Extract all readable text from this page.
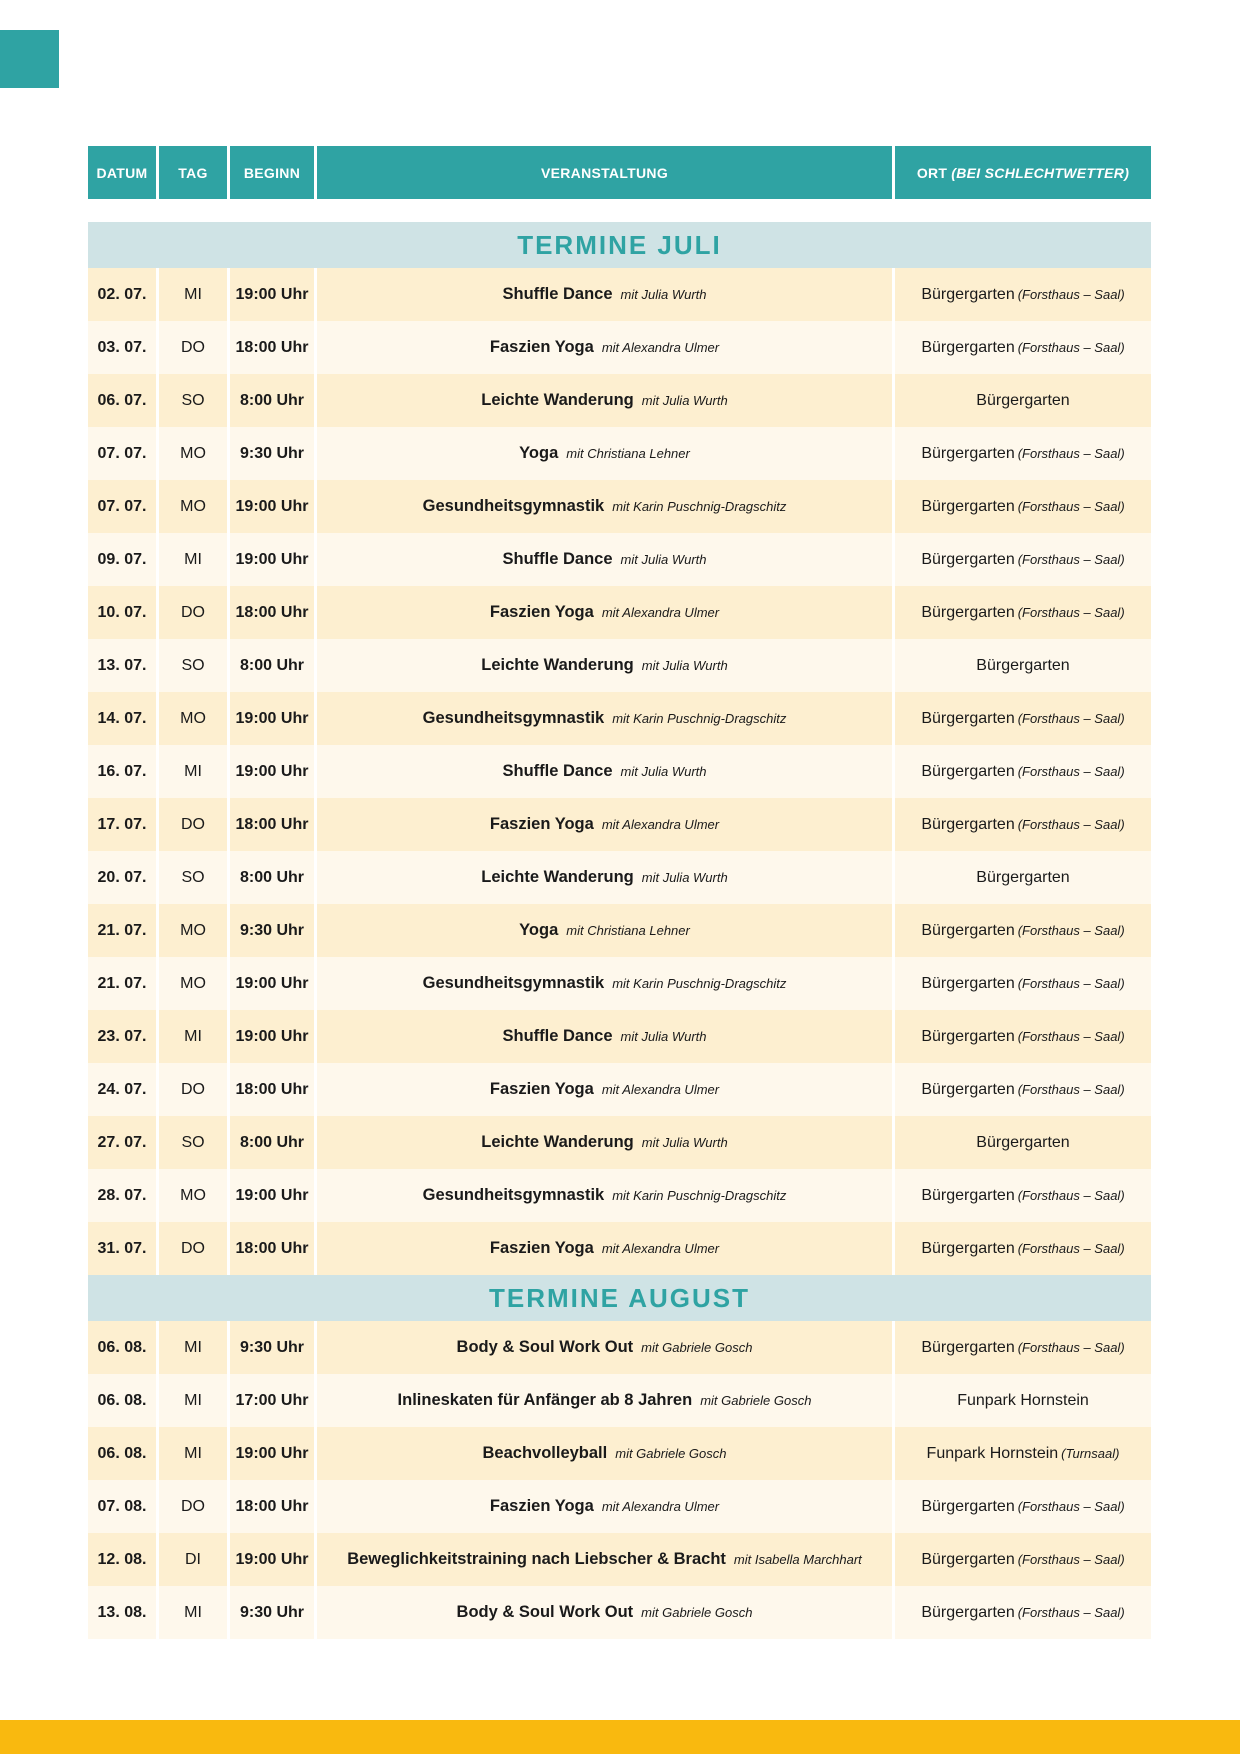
DATUM	TAG	BEGINN	VERANSTALTUNG	ORT (BEI SCHLECHTWETTER)
TERMINE JULI
02. 07.	MI	19:00 Uhr	Shuffle Dance mit Julia Wurth	Bürgergarten (Forsthaus – Saal)
03. 07.	DO	18:00 Uhr	Faszien Yoga mit Alexandra Ulmer	Bürgergarten (Forsthaus – Saal)
06. 07.	SO	8:00 Uhr	Leichte Wanderung mit Julia Wurth	Bürgergarten
07. 07.	MO	9:30 Uhr	Yoga mit Christiana Lehner	Bürgergarten (Forsthaus – Saal)
07. 07.	MO	19:00 Uhr	Gesundheitsgymnastik mit Karin Puschnig-Dragschitz	Bürgergarten (Forsthaus – Saal)
09. 07.	MI	19:00 Uhr	Shuffle Dance mit Julia Wurth	Bürgergarten (Forsthaus – Saal)
10. 07.	DO	18:00 Uhr	Faszien Yoga mit Alexandra Ulmer	Bürgergarten (Forsthaus – Saal)
13. 07.	SO	8:00 Uhr	Leichte Wanderung mit Julia Wurth	Bürgergarten
14. 07.	MO	19:00 Uhr	Gesundheitsgymnastik mit Karin Puschnig-Dragschitz	Bürgergarten (Forsthaus – Saal)
16. 07.	MI	19:00 Uhr	Shuffle Dance mit Julia Wurth	Bürgergarten (Forsthaus – Saal)
17. 07.	DO	18:00 Uhr	Faszien Yoga mit Alexandra Ulmer	Bürgergarten (Forsthaus – Saal)
20. 07.	SO	8:00 Uhr	Leichte Wanderung mit Julia Wurth	Bürgergarten
21. 07.	MO	9:30 Uhr	Yoga mit Christiana Lehner	Bürgergarten (Forsthaus – Saal)
21. 07.	MO	19:00 Uhr	Gesundheitsgymnastik mit Karin Puschnig-Dragschitz	Bürgergarten (Forsthaus – Saal)
23. 07.	MI	19:00 Uhr	Shuffle Dance mit Julia Wurth	Bürgergarten (Forsthaus – Saal)
24. 07.	DO	18:00 Uhr	Faszien Yoga mit Alexandra Ulmer	Bürgergarten (Forsthaus – Saal)
27. 07.	SO	8:00 Uhr	Leichte Wanderung mit Julia Wurth	Bürgergarten
28. 07.	MO	19:00 Uhr	Gesundheitsgymnastik mit Karin Puschnig-Dragschitz	Bürgergarten (Forsthaus – Saal)
31. 07.	DO	18:00 Uhr	Faszien Yoga mit Alexandra Ulmer	Bürgergarten (Forsthaus – Saal)
TERMINE AUGUST
06. 08.	MI	9:30 Uhr	Body & Soul Work Out mit Gabriele Gosch	Bürgergarten (Forsthaus – Saal)
06. 08.	MI	17:00 Uhr	Inlineskaten für Anfänger ab 8 Jahren mit Gabriele Gosch	Funpark Hornstein
06. 08.	MI	19:00 Uhr	Beachvolleyball mit Gabriele Gosch	Funpark Hornstein (Turnsaal)
07. 08.	DO	18:00 Uhr	Faszien Yoga mit Alexandra Ulmer	Bürgergarten (Forsthaus – Saal)
12. 08.	DI	19:00 Uhr	Beweglichkeitstraining nach Liebscher & Bracht mit Isabella Marchhart	Bürgergarten (Forsthaus – Saal)
13. 08.	MI	9:30 Uhr	Body & Soul Work Out mit Gabriele Gosch	Bürgergarten (Forsthaus – Saal)
